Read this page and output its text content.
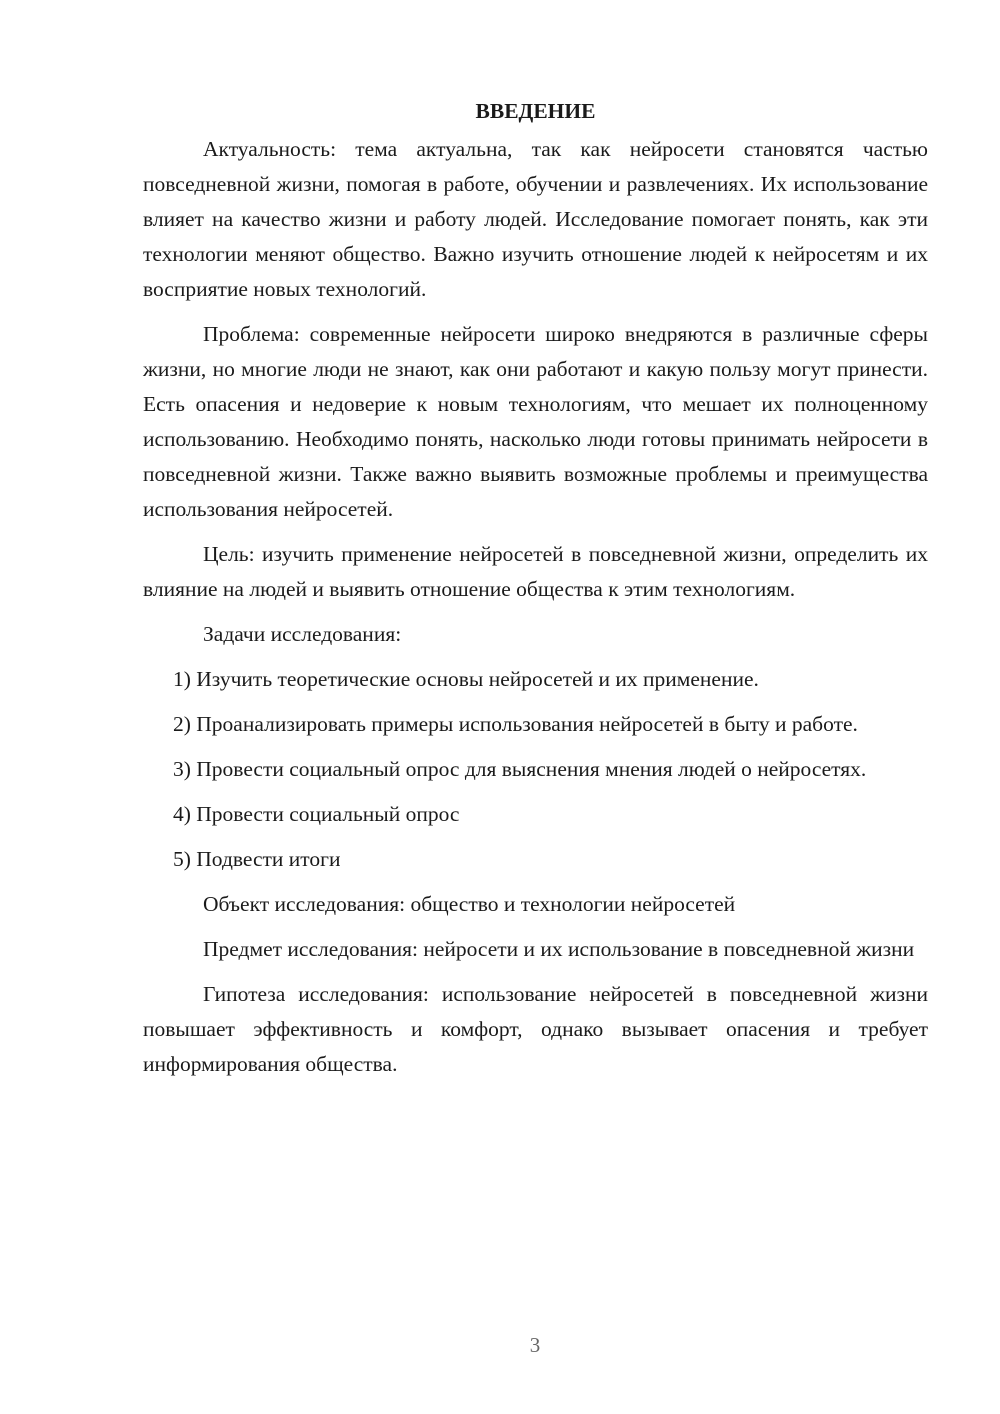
ВВЕДЕНИЕ

Актуальность: тема актуальна, так как нейросети становятся частью повседневной жизни, помогая в работе, обучении и развлечениях. Их использование влияет на качество жизни и работу людей. Исследование помогает понять, как эти технологии меняют общество. Важно изучить отношение людей к нейросетям и их восприятие новых технологий.

Проблема: современные нейросети широко внедряются в различные сферы жизни, но многие люди не знают, как они работают и какую пользу могут принести. Есть опасения и недоверие к новым технологиям, что мешает их полноценному использованию. Необходимо понять, насколько люди готовы принимать нейросети в повседневной жизни. Также важно выявить возможные проблемы и преимущества использования нейросетей.

Цель: изучить применение нейросетей в повседневной жизни, определить их влияние на людей и выявить отношение общества к этим технологиям.

Задачи исследования:

1) Изучить теоретические основы нейросетей и их применение.

2) Проанализировать примеры использования нейросетей в быту и работе.

3) Провести социальный опрос для выяснения мнения людей о нейросетях.

4) Провести социальный опрос

5) Подвести итоги

Объект исследования: общество и технологии нейросетей

Предмет исследования: нейросети и их использование в повседневной жизни

Гипотеза исследования: использование нейросетей в повседневной жизни повышает эффективность и комфорт, однако вызывает опасения и требует информирования общества.

3
